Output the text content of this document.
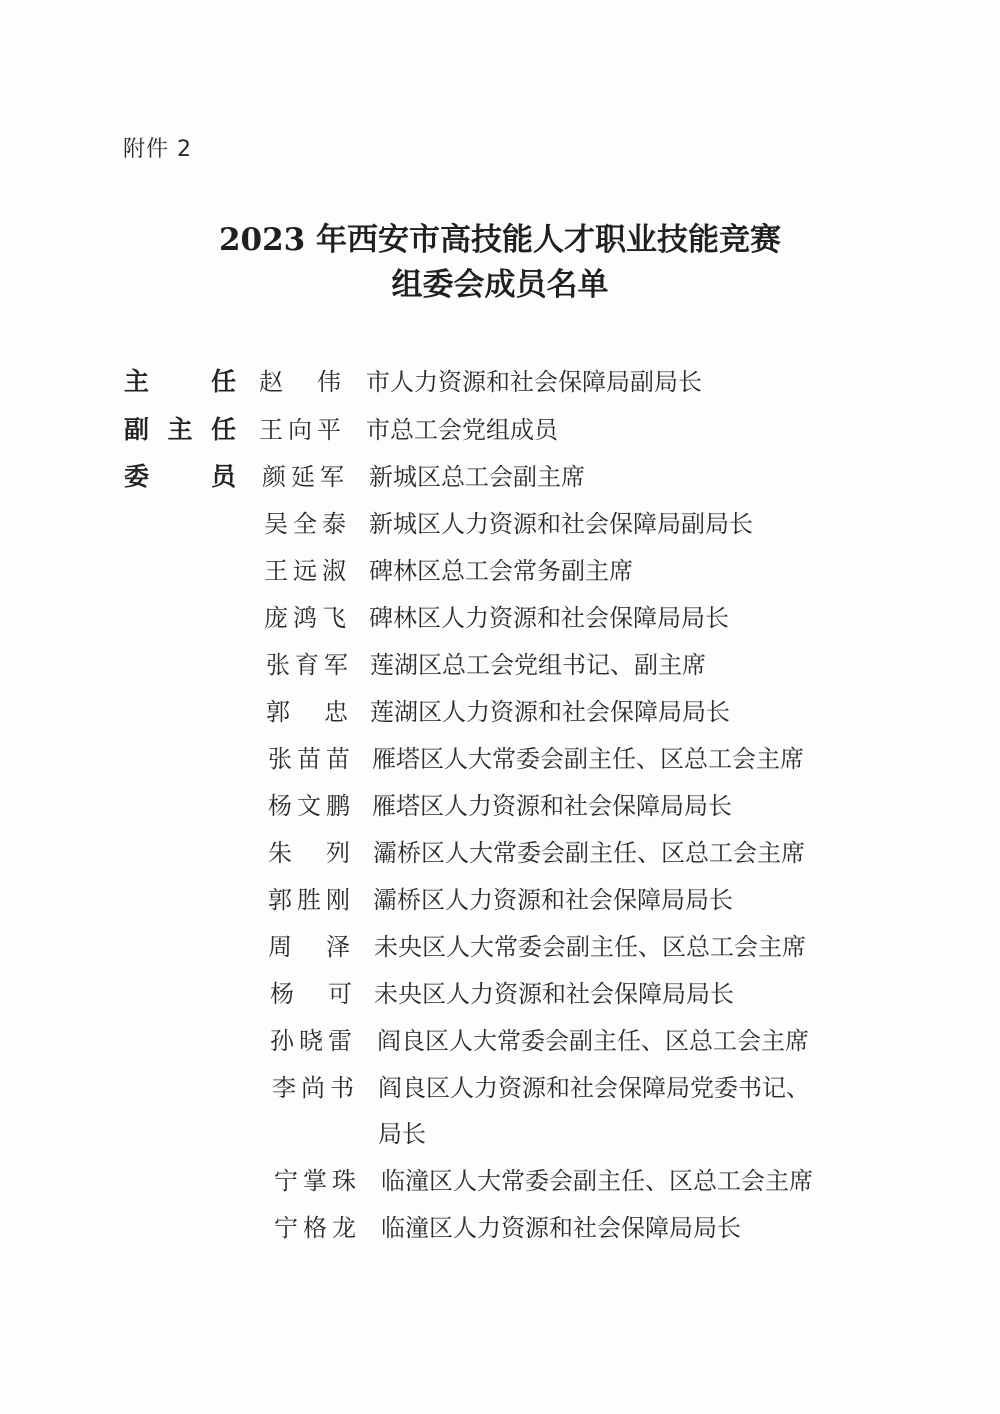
附件 2
2023 年西安市高技能人才职业技能竞赛
组委会成员名单
主 任 赵 伟 市人力资源和社会保障局副局长
副 主 任 王 向 平 市总工会党组成员
委 员 颜 延 军 新城区总工会副主席
吴 全 泰 新城区人力资源和社会保障局副局长
王 远 淑 碑林区总工会常务副主席
庞 鸿 飞 碑林区人力资源和社会保障局局长
张 育 军 莲湖区总工会党组书记、副主席
郭 忠 莲湖区人力资源和社会保障局局长
张 苗 苗 雁塔区人大常委会副主任、区总工会主席
杨 文 鹏 雁塔区人力资源和社会保障局局长
朱 列 灞桥区人大常委会副主任、区总工会主席
郭 胜 刚 灞桥区人力资源和社会保障局局长
周 泽 未央区人大常委会副主任、区总工会主席
杨 可 未央区人力资源和社会保障局局长
孙 晓 雷 阎良区人大常委会副主任、区总工会主席
李 尚 书 阎良区人力资源和社会保障局党委书记、
局长
宁 掌 珠 临潼区人大常委会副主任、区总工会主席
宁 格 龙 临潼区人力资源和社会保障局局长
